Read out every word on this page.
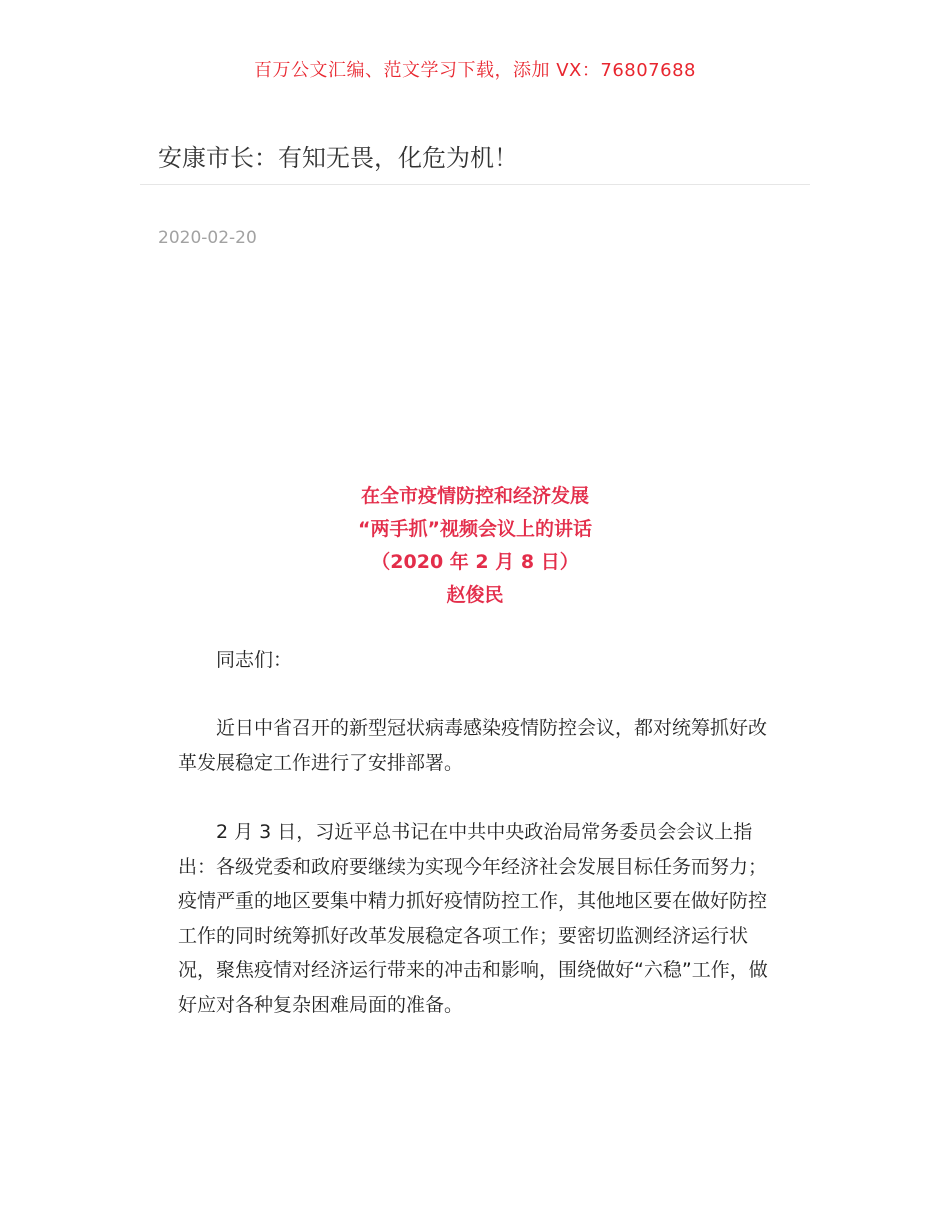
百万公文汇编、范文学习下载，添加 VX：76807688
安康市长：有知无畏，化危为机！
2020-02-20
在全市疫情防控和经济发展
“两手抓”视频会议上的讲话
（2020 年 2 月 8 日）
赵俊民

同志们：

近日中省召开的新型冠状病毒感染疫情防控会议，都对统筹抓好改革发展稳定工作进行了安排部署。

2 月 3 日，习近平总书记在中共中央政治局常务委员会会议上指出：各级党委和政府要继续为实现今年经济社会发展目标任务而努力；疫情严重的地区要集中精力抓好疫情防控工作，其他地区要在做好防控工作的同时统筹抓好改革发展稳定各项工作；要密切监测经济运行状况，聚焦疫情对经济运行带来的冲击和影响，围绕做好“六稳”工作，做好应对各种复杂困难局面的准备。
